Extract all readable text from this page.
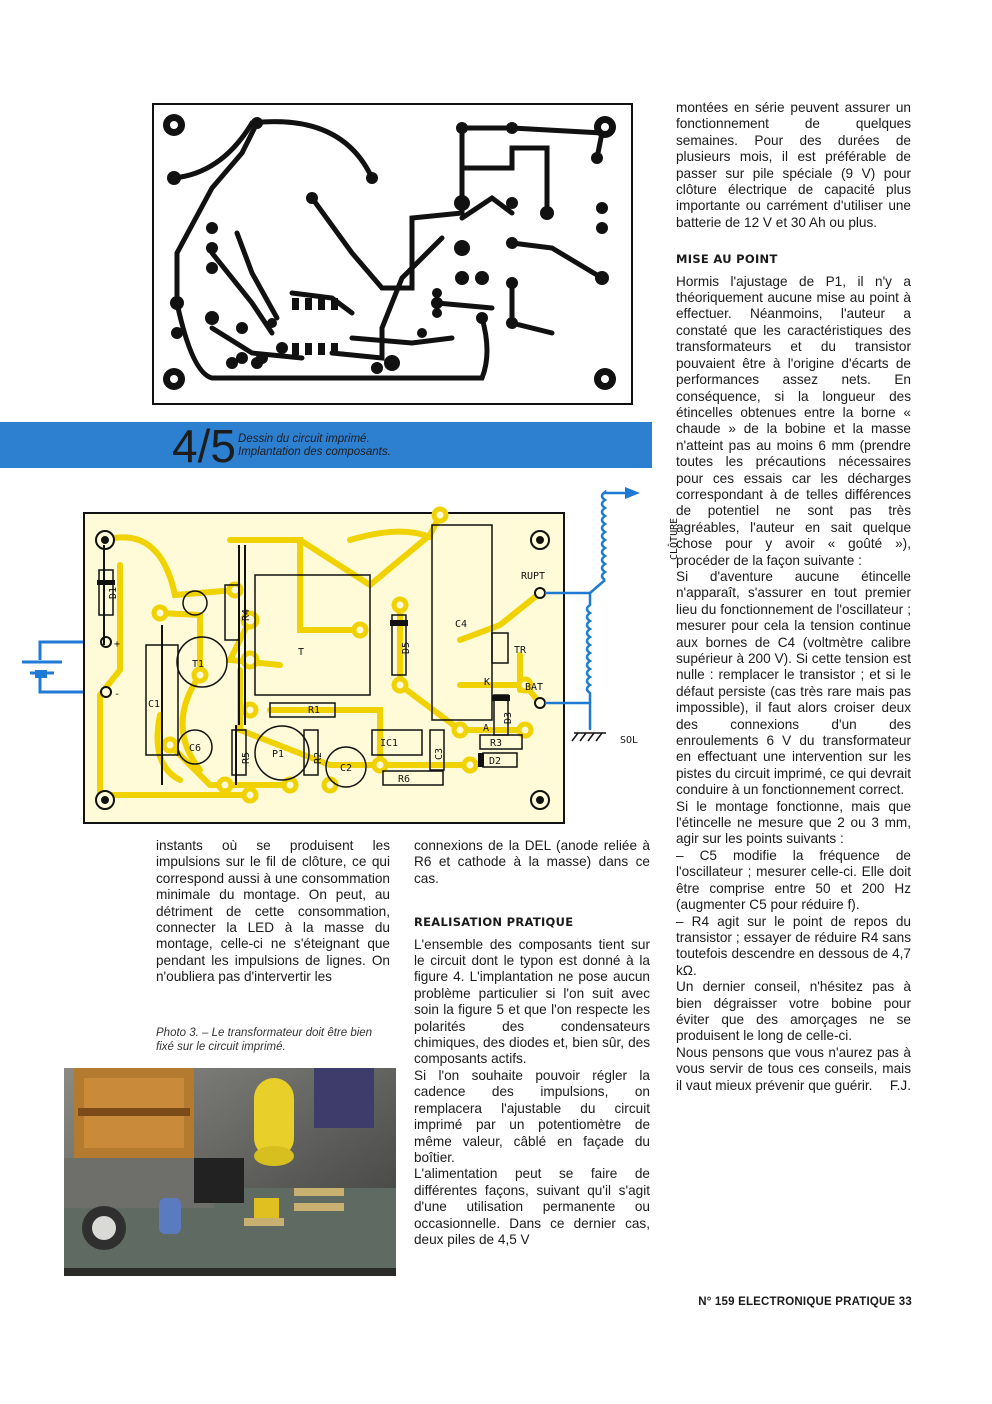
4/5 Dessin du circuit imprimé.
Implantation des composants.
D1
C1
T1
R4
T
C6
R5 P1	R2
C2
R1
D5
C4
IC1
C3
R6
R3
D2
D3
TR
K
A
RUPT
BAT
SOL
CLÔTURE
+
-

instants où se produisent les impulsions sur le fil de clôture, ce qui correspond aussi à une consommation minimale du montage. On peut, au détriment de cette consommation, connecter la LED à la masse du montage, celle-ci ne s'éteignant que pendant les impulsions de lignes. On n'oubliera pas d'intervertir les

Photo 3. – Le transformateur doit être bien fixé sur le circuit imprimé.

connexions de la DEL (anode reliée à R6 et cathode à la masse) dans ce cas.

REALISATION PRATIQUE

L'ensemble des composants tient sur le circuit dont le typon est donné à la figure 4. L'implantation ne pose aucun problème particulier si l'on suit avec soin la figure 5 et que l'on respecte les polarités des condensateurs chimiques, des diodes et, bien sûr, des composants actifs.

Si l'on souhaite pouvoir régler la cadence des impulsions, on remplacera l'ajustable du circuit imprimé par un potentiomètre de même valeur, câblé en façade du boîtier.

L'alimentation peut se faire de différentes façons, suivant qu'il s'agit d'une utilisation permanente ou occasionnelle. Dans ce dernier cas, deux piles de 4,5 V

montées en série peuvent assurer un fonctionnement de quelques semaines. Pour des durées de plusieurs mois, il est préférable de passer sur pile spéciale (9 V) pour clôture électrique de capacité plus importante ou carrément d'utiliser une batterie de 12 V et 30 Ah ou plus.

MISE AU POINT

Hormis l'ajustage de P1, il n'y a théoriquement aucune mise au point à effectuer. Néanmoins, l'auteur a constaté que les caractéristiques des transformateurs et du transistor pouvaient être à l'origine d'écarts de performances assez nets. En conséquence, si la longueur des étincelles obtenues entre la borne « chaude » de la bobine et la masse n'atteint pas au moins 6 mm (prendre toutes les précautions nécessaires pour ces essais car les décharges correspondant à de telles différences de potentiel ne sont pas très agréables, l'auteur en sait quelque chose pour y avoir « goûté »), procéder de la façon suivante :

Si d'aventure aucune étincelle n'apparaît, s'assurer en tout premier lieu du fonctionnement de l'oscillateur ; mesurer pour cela la tension continue aux bornes de C4 (voltmètre calibre supérieur à 200 V). Si cette tension est nulle : remplacer le transistor ; et si le défaut persiste (cas très rare mais pas impossible), il faut alors croiser deux des connexions d'un des enroulements 6 V du transformateur en effectuant une intervention sur les pistes du circuit imprimé, ce qui devrait conduire à un fonctionnement correct.

Si le montage fonctionne, mais que l'étincelle ne mesure que 2 ou 3 mm, agir sur les points suivants :

– C5 modifie la fréquence de l'oscillateur ; mesurer celle-ci. Elle doit être comprise entre 50 et 200 Hz (augmenter C5 pour réduire f).

– R4 agit sur le point de repos du transistor ; essayer de réduire R4 sans toutefois descendre en dessous de 4,7 kΩ.

Un dernier conseil, n'hésitez pas à bien dégraisser votre bobine pour éviter que des amorçages ne se produisent le long de celle-ci.

Nous pensons que vous n'aurez pas à vous servir de tous ces conseils, mais il vaut mieux prévenir que guérir.	F.J.

N° 159 ELECTRONIQUE PRATIQUE 33
